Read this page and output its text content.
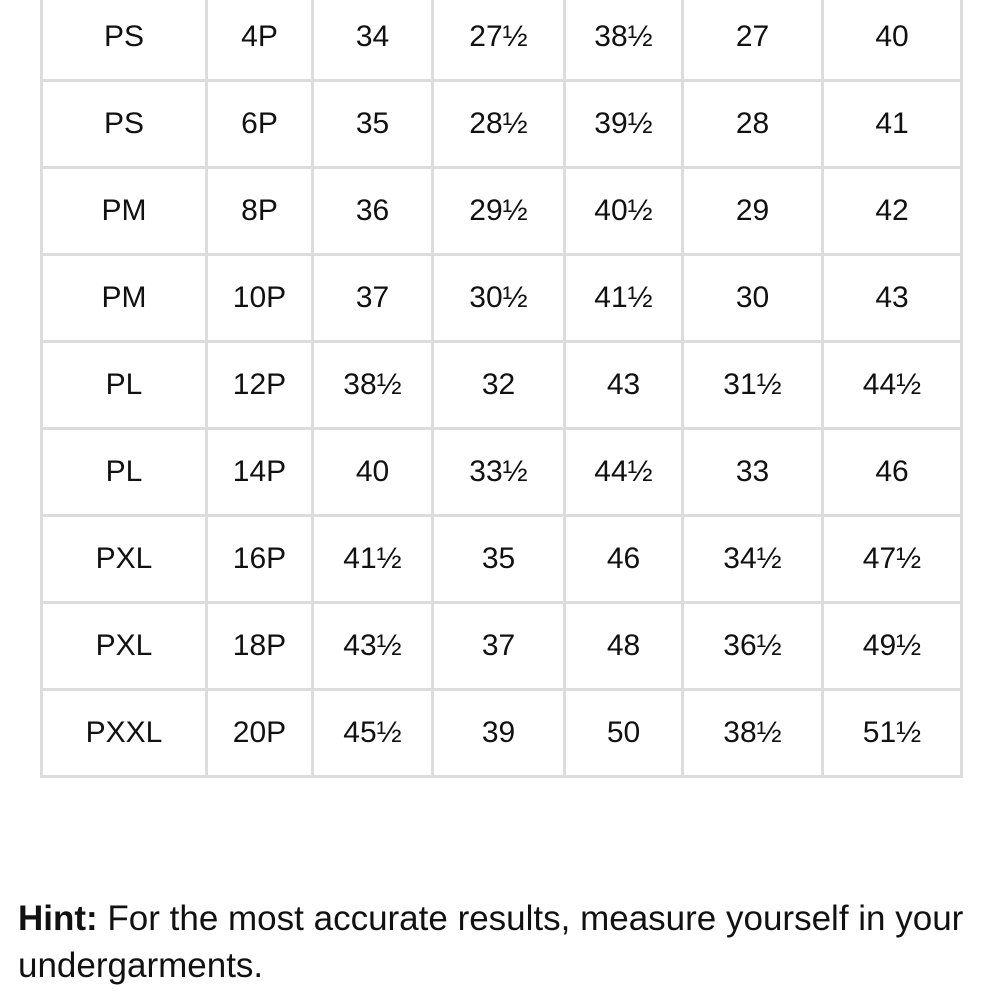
PS	4P	34	27½	38½	27	40
PS	6P	35	28½	39½	28	41
PM	8P	36	29½	40½	29	42
PM	10P	37	30½	41½	30	43
PL	12P	38½	32	43	31½	44½
PL	14P	40	33½	44½	33	46
PXL	16P	41½	35	46	34½	47½
PXL	18P	43½	37	48	36½	49½
PXXL	20P	45½	39	50	38½	51½
Hint: For the most accurate results, measure yourself in your undergarments.
